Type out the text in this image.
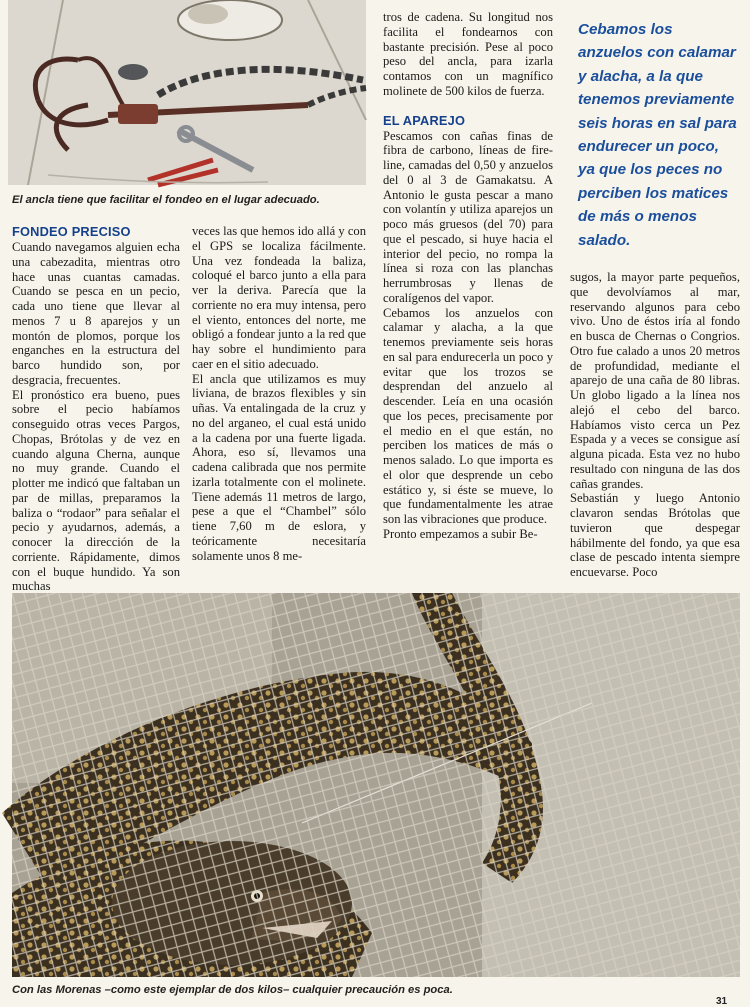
El ancla tiene que facilitar el fondeo en el lugar adecuado.
FONDEO PRECISO

Cuando navegamos alguien echa una cabezadita, mientras otro hace unas cuantas camadas. Cuando se pesca en un pecio, cada uno tiene que llevar al menos 7 u 8 aparejos y un montón de plomos, porque los enganches en la estructura del barco hundido son, por desgracia, frecuentes.

El pronóstico era bueno, pues sobre el pecio habíamos conseguido otras veces Pargos, Chopas, Brótolas y de vez en cuando alguna Cherna, aunque no muy grande. Cuando el plotter me indicó que faltaban un par de millas, preparamos la baliza o “rodaor” para señalar el pecio y ayudarnos, además, a conocer la dirección de la corriente. Rápidamente, dimos con el buque hundido. Ya son muchas

veces las que hemos ido allá y con el GPS se localiza fácilmente. Una vez fondeada la baliza, coloqué el barco junto a ella para ver la deriva. Parecía que la corriente no era muy intensa, pero el viento, entonces del norte, me obligó a fondear junto a la red que hay sobre el hundimiento para caer en el sitio adecuado.

El ancla que utilizamos es muy liviana, de brazos flexibles y sin uñas. Va entalingada de la cruz y no del arganeo, el cual está unido a la cadena por una fuerte ligada. Ahora, eso sí, llevamos una cadena calibrada que nos permite izarla totalmente con el molinete. Tiene además 11 metros de largo, pese a que el “Chambel” sólo tiene 7,60 m de eslora, y teóricamente necesitaría solamente unos 8 me-

tros de cadena. Su longitud nos facilita el fondearnos con bastante precisión. Pese al poco peso del ancla, para izarla contamos con un magnífico molinete de 500 kilos de fuerza.

EL APAREJO

Pescamos con cañas finas de fibra de carbono, líneas de fire-line, camadas del 0,50 y anzuelos del 0 al 3 de Gamakatsu. A Antonio le gusta pescar a mano con volantín y utiliza aparejos un poco más gruesos (del 70) para que el pescado, si huye hacia el interior del pecio, no rompa la línea si roza con las planchas herrumbrosas y llenas de coralígenos del vapor.

Cebamos los anzuelos con calamar y alacha, a la que tenemos previamente seis horas en sal para endurecerla un poco y evitar que los trozos se desprendan del anzuelo al descender. Leía en una ocasión que los peces, precisamente por el medio en el que están, no perciben los matices de más o menos salado. Lo que importa es el olor que desprende un cebo estático y, si éste se mueve, lo que fundamentalmente les atrae son las vibraciones que produce.

Pronto empezamos a subir Be-

Cebamos los anzuelos con calamar y alacha, a la que tenemos previamente seis horas en sal para endurecer un poco, ya que los peces no perciben los matices de más o menos salado.

sugos, la mayor parte pequeños, que devolvíamos al mar, reservando algunos para cebo vivo. Uno de éstos iría al fondo en busca de Chernas o Congrios. Otro fue calado a unos 20 metros de profundidad, mediante el aparejo de una caña de 80 libras. Un globo ligado a la línea nos alejó el cebo del barco. Habíamos visto cerca un Pez Espada y a veces se consigue así alguna picada. Esta vez no hubo resultado con ninguna de las dos cañas grandes.

Sebastián y luego Antonio clavaron sendas Brótolas que tuvieron que despegar hábilmente del fondo, ya que esa clase de pescado intenta siempre encuevarse. Poco

Con las Morenas –como este ejemplar de dos kilos– cualquier precaución es poca.
31
